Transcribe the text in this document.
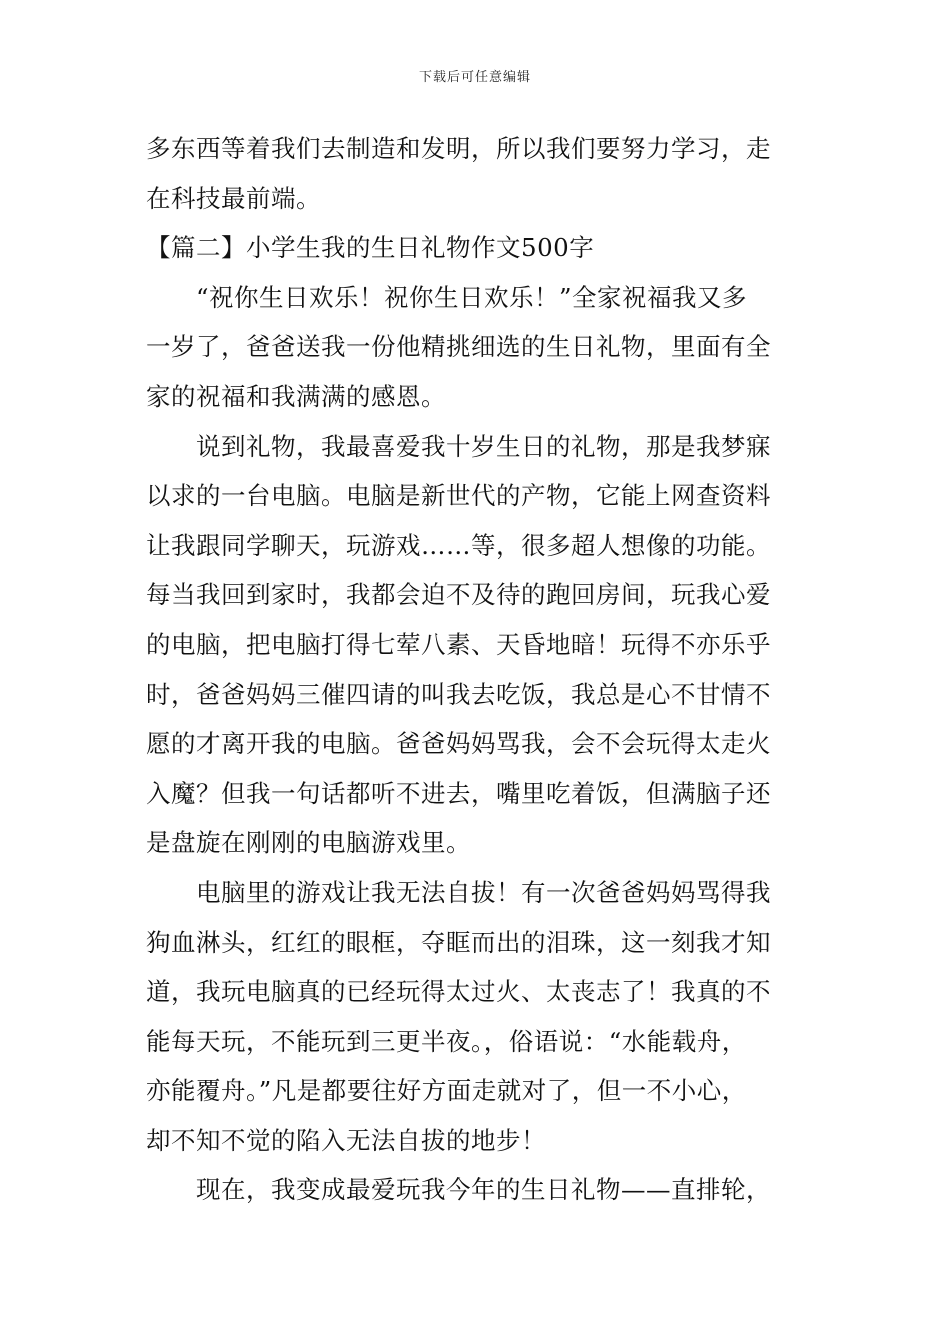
下载后可任意编辑
多东西等着我们去制造和发明，所以我们要努力学习，走
在科技最前端。
【篇二】小学生我的生日礼物作文500字
“祝你生日欢乐！祝你生日欢乐！”全家祝福我又多
一岁了，爸爸送我一份他精挑细选的生日礼物，里面有全
家的祝福和我满满的感恩。
说到礼物，我最喜爱我十岁生日的礼物，那是我梦寐
以求的一台电脑。电脑是新世代的产物，它能上网查资料
让我跟同学聊天，玩游戏……等，很多超人想像的功能。
每当我回到家时，我都会迫不及待的跑回房间，玩我心爱
的电脑，把电脑打得七荤八素、天昏地暗！玩得不亦乐乎
时，爸爸妈妈三催四请的叫我去吃饭，我总是心不甘情不
愿的才离开我的电脑。爸爸妈妈骂我，会不会玩得太走火
入魔？但我一句话都听不进去，嘴里吃着饭，但满脑子还
是盘旋在刚刚的电脑游戏里。
电脑里的游戏让我无法自拔！有一次爸爸妈妈骂得我
狗血淋头，红红的眼框，夺眶而出的泪珠，这一刻我才知
道，我玩电脑真的已经玩得太过火、太丧志了！我真的不
能每天玩，不能玩到三更半夜。，俗语说：“水能载舟，
亦能覆舟。”凡是都要往好方面走就对了，但一不小心，
却不知不觉的陷入无法自拔的地步！
现在，我变成最爱玩我今年的生日礼物——直排轮，
